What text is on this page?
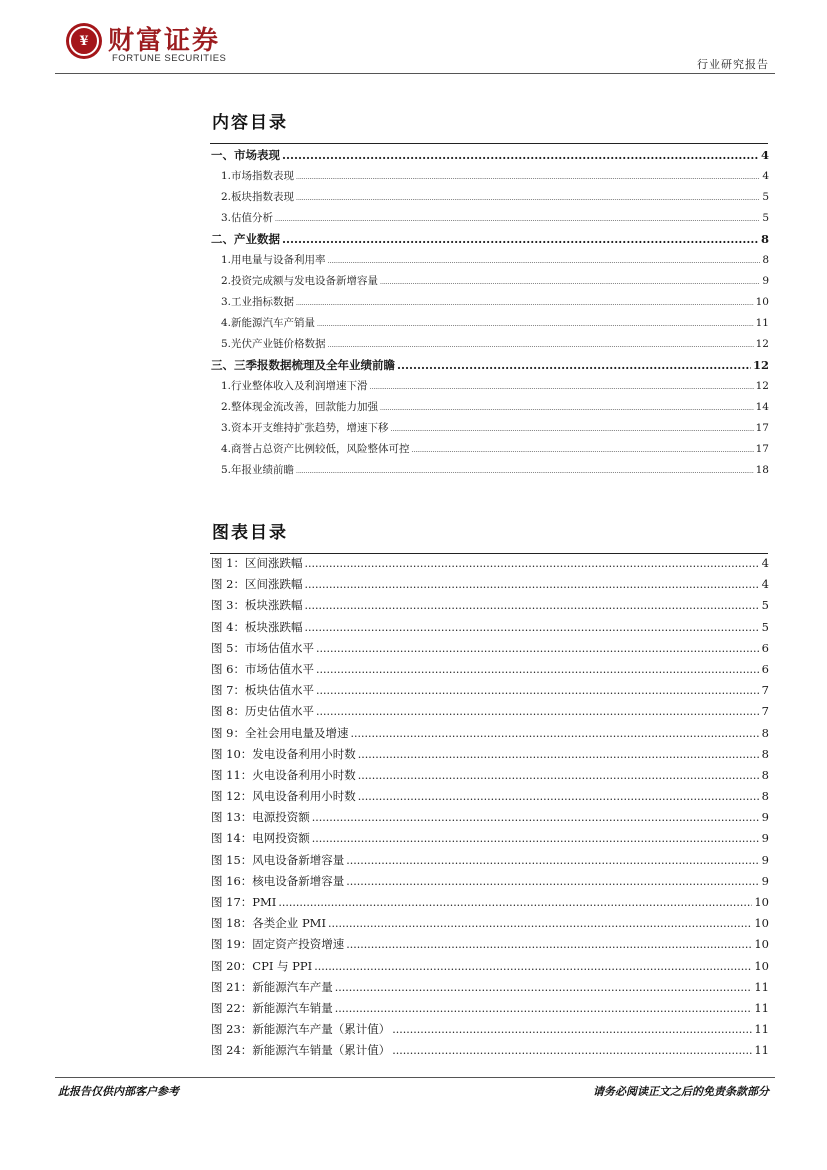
¥ 财富证券
FORTUNE SECURITIES	行业研究报告
内容目录
一、市场表现 .....	4
1.市场指数表现 .....	4
2.板块指数表现 .....	5
3.估值分析 .....	5
二、产业数据 .....	8
1.用电量与设备利用率 .....	8
2.投资完成额与发电设备新增容量 .....	9
3.工业指标数据 .....	10
4.新能源汽车产销量 .....	11
5.光伏产业链价格数据 .....	12
三、三季报数据梳理及全年业绩前瞻 .....	12
1.行业整体收入及利润增速下滑 .....	12
2.整体现金流改善，回款能力加强 .....	14
3.资本开支维持扩张趋势，增速下移 .....	17
4.商誉占总资产比例较低，风险整体可控 .....	17
5.年报业绩前瞻 .....	18
图表目录
图 1：区间涨跌幅 .....	4
图 2：区间涨跌幅 .....	4
图 3：板块涨跌幅 .....	5
图 4：板块涨跌幅 .....	5
图 5：市场估值水平 .....	6
图 6：市场估值水平 .....	6
图 7：板块估值水平 .....	7
图 8：历史估值水平 .....	7
图 9：全社会用电量及增速 .....	8
图 10：发电设备利用小时数 .....	8
图 11：火电设备利用小时数 .....	8
图 12：风电设备利用小时数 .....	8
图 13：电源投资额 .....	9
图 14：电网投资额 .....	9
图 15：风电设备新增容量 .....	9
图 16：核电设备新增容量 .....	9
图 17：PMI .....	10
图 18：各类企业 PMI .....	10
图 19：固定资产投资增速 .....	10
图 20：CPI 与 PPI .....	10
图 21：新能源汽车产量 .....	11
图 22：新能源汽车销量 .....	11
图 23：新能源汽车产量（累计值） .....	11
图 24：新能源汽车销量（累计值） .....	11
此报告仅供内部客户参考	请务必阅读正文之后的免责条款部分
